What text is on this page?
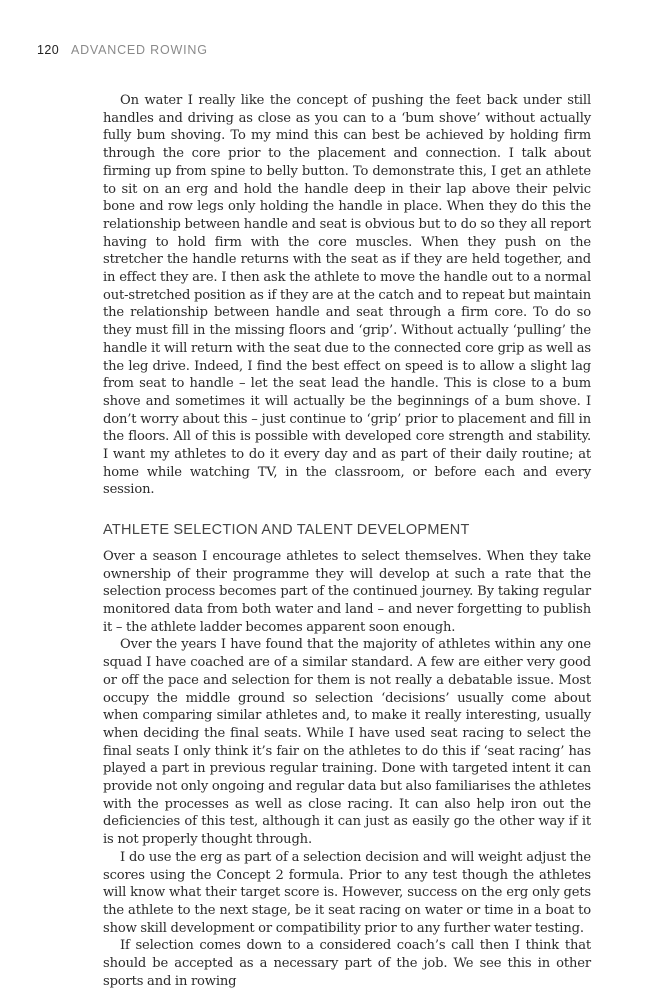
120 ADVANCED ROWING

On water I really like the concept of pushing the feet back under still handles and driving as close as you can to a ‘bum shove’ without actually fully bum shoving. To my mind this can best be achieved by holding firm through the core prior to the placement and connection. I talk about firming up from spine to belly button. To demonstrate this, I get an athlete to sit on an erg and hold the handle deep in their lap above their pelvic bone and row legs only holding the handle in place. When they do this the relationship between handle and seat is obvious but to do so they all report having to hold firm with the core muscles. When they push on the stretcher the handle returns with the seat as if they are held together, and in effect they are. I then ask the athlete to move the handle out to a normal out-stretched position as if they are at the catch and to repeat but maintain the relationship between handle and seat through a firm core. To do so they must fill in the missing floors and ‘grip’. Without actually ‘pulling’ the handle it will return with the seat due to the connected core grip as well as the leg drive. Indeed, I find the best effect on speed is to allow a slight lag from seat to handle – let the seat lead the handle. This is close to a bum shove and sometimes it will actually be the beginnings of a bum shove. I don’t worry about this – just continue to ‘grip’ prior to placement and fill in the floors. All of this is possible with developed core strength and stability. I want my athletes to do it every day and as part of their daily routine; at home while watching TV, in the classroom, or before each and every session.

ATHLETE SELECTION AND TALENT DEVELOPMENT

Over a season I encourage athletes to select themselves. When they take ownership of their programme they will develop at such a rate that the selection process becomes part of the continued journey. By taking regular monitored data from both water and land – and never forgetting to publish it – the athlete ladder becomes apparent soon enough.

Over the years I have found that the majority of athletes within any one squad I have coached are of a similar standard. A few are either very good or off the pace and selection for them is not really a debatable issue. Most occupy the middle ground so selection ‘decisions’ usually come about when comparing similar athletes and, to make it really interesting, usually when deciding the final seats. While I have used seat racing to select the final seats I only think it’s fair on the athletes to do this if ‘seat racing’ has played a part in previous regular training. Done with targeted intent it can provide not only ongoing and regular data but also familiarises the athletes with the processes as well as close racing. It can also help iron out the deficiencies of this test, although it can just as easily go the other way if it is not properly thought through.

I do use the erg as part of a selection decision and will weight adjust the scores using the Concept 2 formula. Prior to any test though the athletes will know what their target score is. However, success on the erg only gets the athlete to the next stage, be it seat racing on water or time in a boat to show skill development or compatibility prior to any further water testing.

If selection comes down to a considered coach’s call then I think that should be accepted as a necessary part of the job. We see this in other sports and in rowing
